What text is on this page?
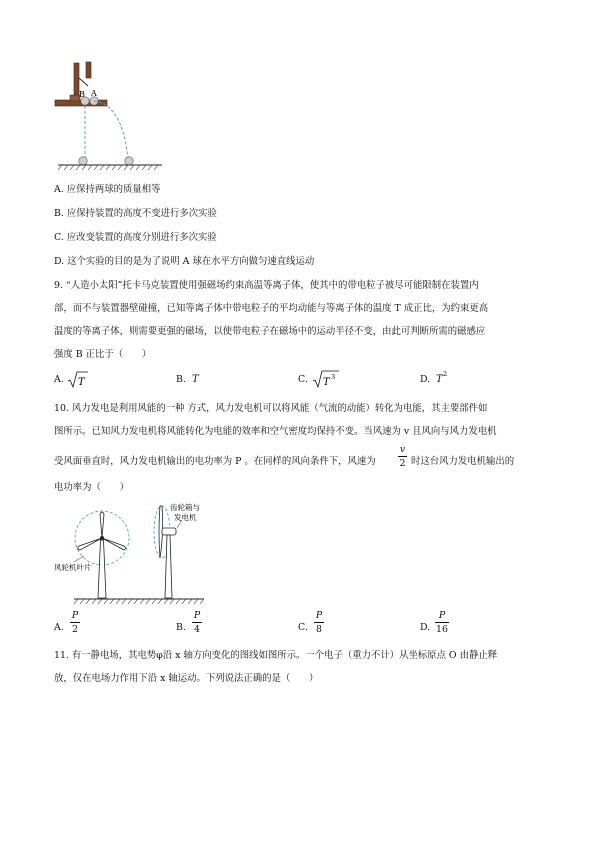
B A
A. 应保持两球的质量相等
B. 应保持装置的高度不变进行多次实验
C. 应改变装置的高度分别进行多次实验
D. 这个实验的目的是为了说明 A 球在水平方向做匀速直线运动
9. “人造小太阳”托卡马克装置使用强磁场约束高温等离子体，使其中的带电粒子被尽可能限制在装置内
部，而不与装置器壁碰撞，已知等离子体中带电粒子的平均动能与等离子体的温度 T 成正比，为约束更高
温度的等离子体，则需要更强的磁场，以使带电粒子在磁场中的运动半径不变，由此可判断所需的磁感应
强度 B 正比于（　　）
A. T	B. T	C. T 3	D. T 2
10. 风力发电是利用风能的一种 方式，风力发电机可以将风能（气流的动能）转化为电能，其主要部件如
图所示。已知风力发电机将风能转化为电能的效率和空气密度均保持不变。当风速为 v 且风向与风力发电机
受风面垂直时，风力发电机输出的电功率为 P 。在同样的风向条件下，风速为
v
2 时这台风力发电机输出的
电功率为（　　）
齿轮箱与
发电机
风轮机叶片
A.
P
2	B.
P
4	C.
P
8	D.
P
16
11. 有一静电场，其电势φ沿 x 轴方向变化的图线如图所示。一个电子（重力不计）从坐标原点 O 由静止释
放，仅在电场力作用下沿 x 轴运动。下列说法正确的是（　　）
